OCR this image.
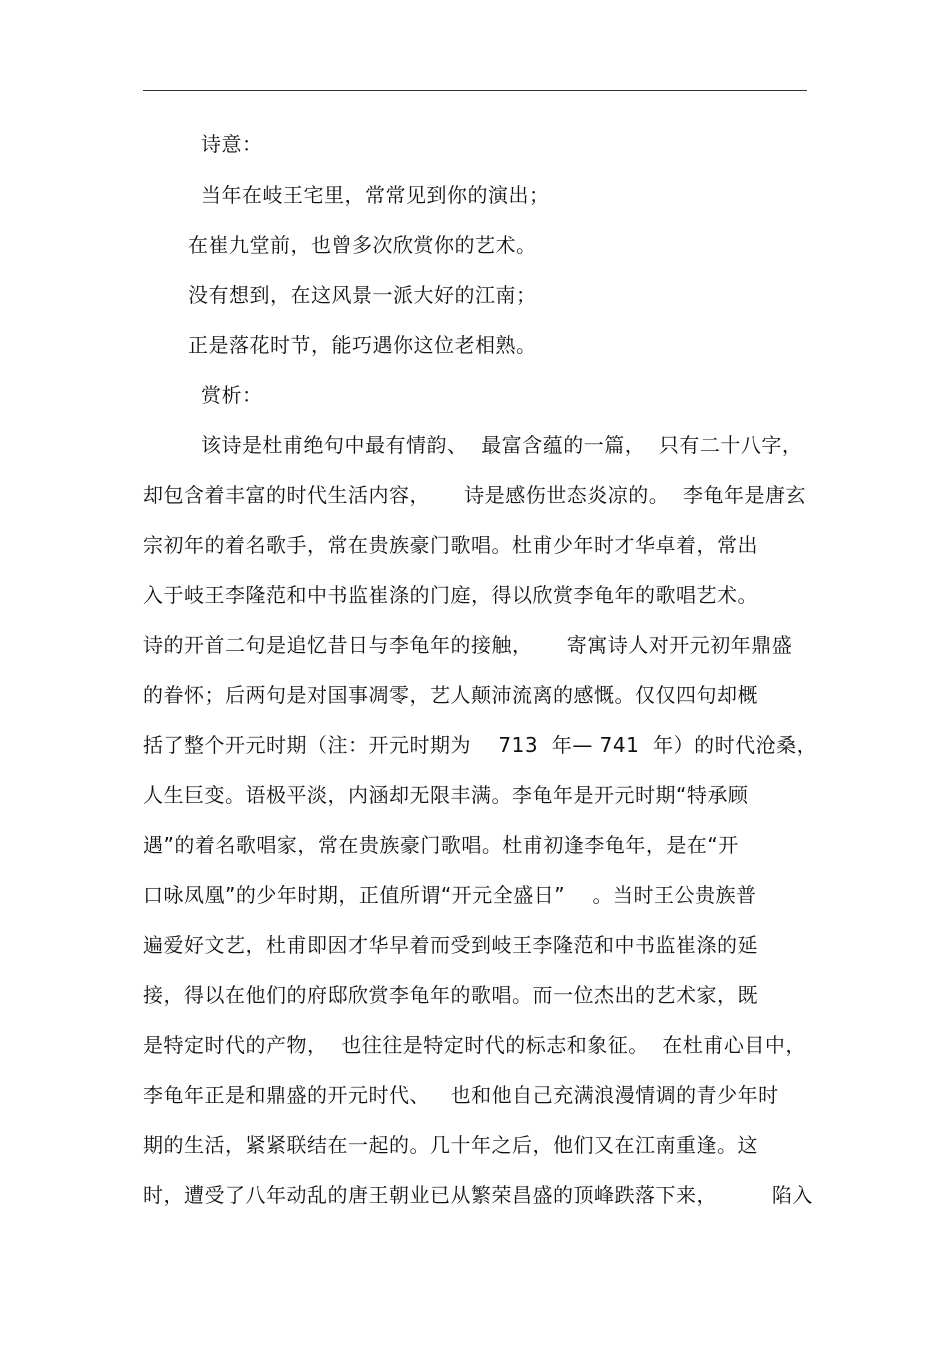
诗意：
当年在岐王宅里，常常见到你的演出；
在崔九堂前，也曾多次欣赏你的艺术。
没有想到，在这风景一派大好的江南；
正是落花时节，能巧遇你这位老相熟。
赏析：
该诗是杜甫绝句中最有情韵、  最富含蕴的一篇，  只有二十八字，
却包含着丰富的时代生活内容，     诗是感伤世态炎凉的。  李龟年是唐玄
宗初年的着名歌手，常在贵族豪门歌唱。杜甫少年时才华卓着，常出
入于岐王李隆范和中书监崔涤的门庭，得以欣赏李龟年的歌唱艺术。
诗的开首二句是追忆昔日与李龟年的接触，     寄寓诗人对开元初年鼎盛
的眷怀；后两句是对国事凋零，艺人颠沛流离的感慨。仅仅四句却概
括了整个开元时期（注：开元时期为    713  年— 741  年）的时代沧桑，
人生巨变。语极平淡，内涵却无限丰满。李龟年是开元时期“特承顾
遇”的着名歌唱家，常在贵族豪门歌唱。杜甫初逢李龟年，是在“开
口咏凤凰”的少年时期，正值所谓“开元全盛日”    。当时王公贵族普
遍爱好文艺，杜甫即因才华早着而受到岐王李隆范和中书监崔涤的延
接，得以在他们的府邸欣赏李龟年的歌唱。而一位杰出的艺术家，既
是特定时代的产物，  也往往是特定时代的标志和象征。  在杜甫心目中，
李龟年正是和鼎盛的开元时代、   也和他自己充满浪漫情调的青少年时
期的生活，紧紧联结在一起的。几十年之后，他们又在江南重逢。这
时，遭受了八年动乱的唐王朝业已从繁荣昌盛的顶峰跌落下来，        陷入
